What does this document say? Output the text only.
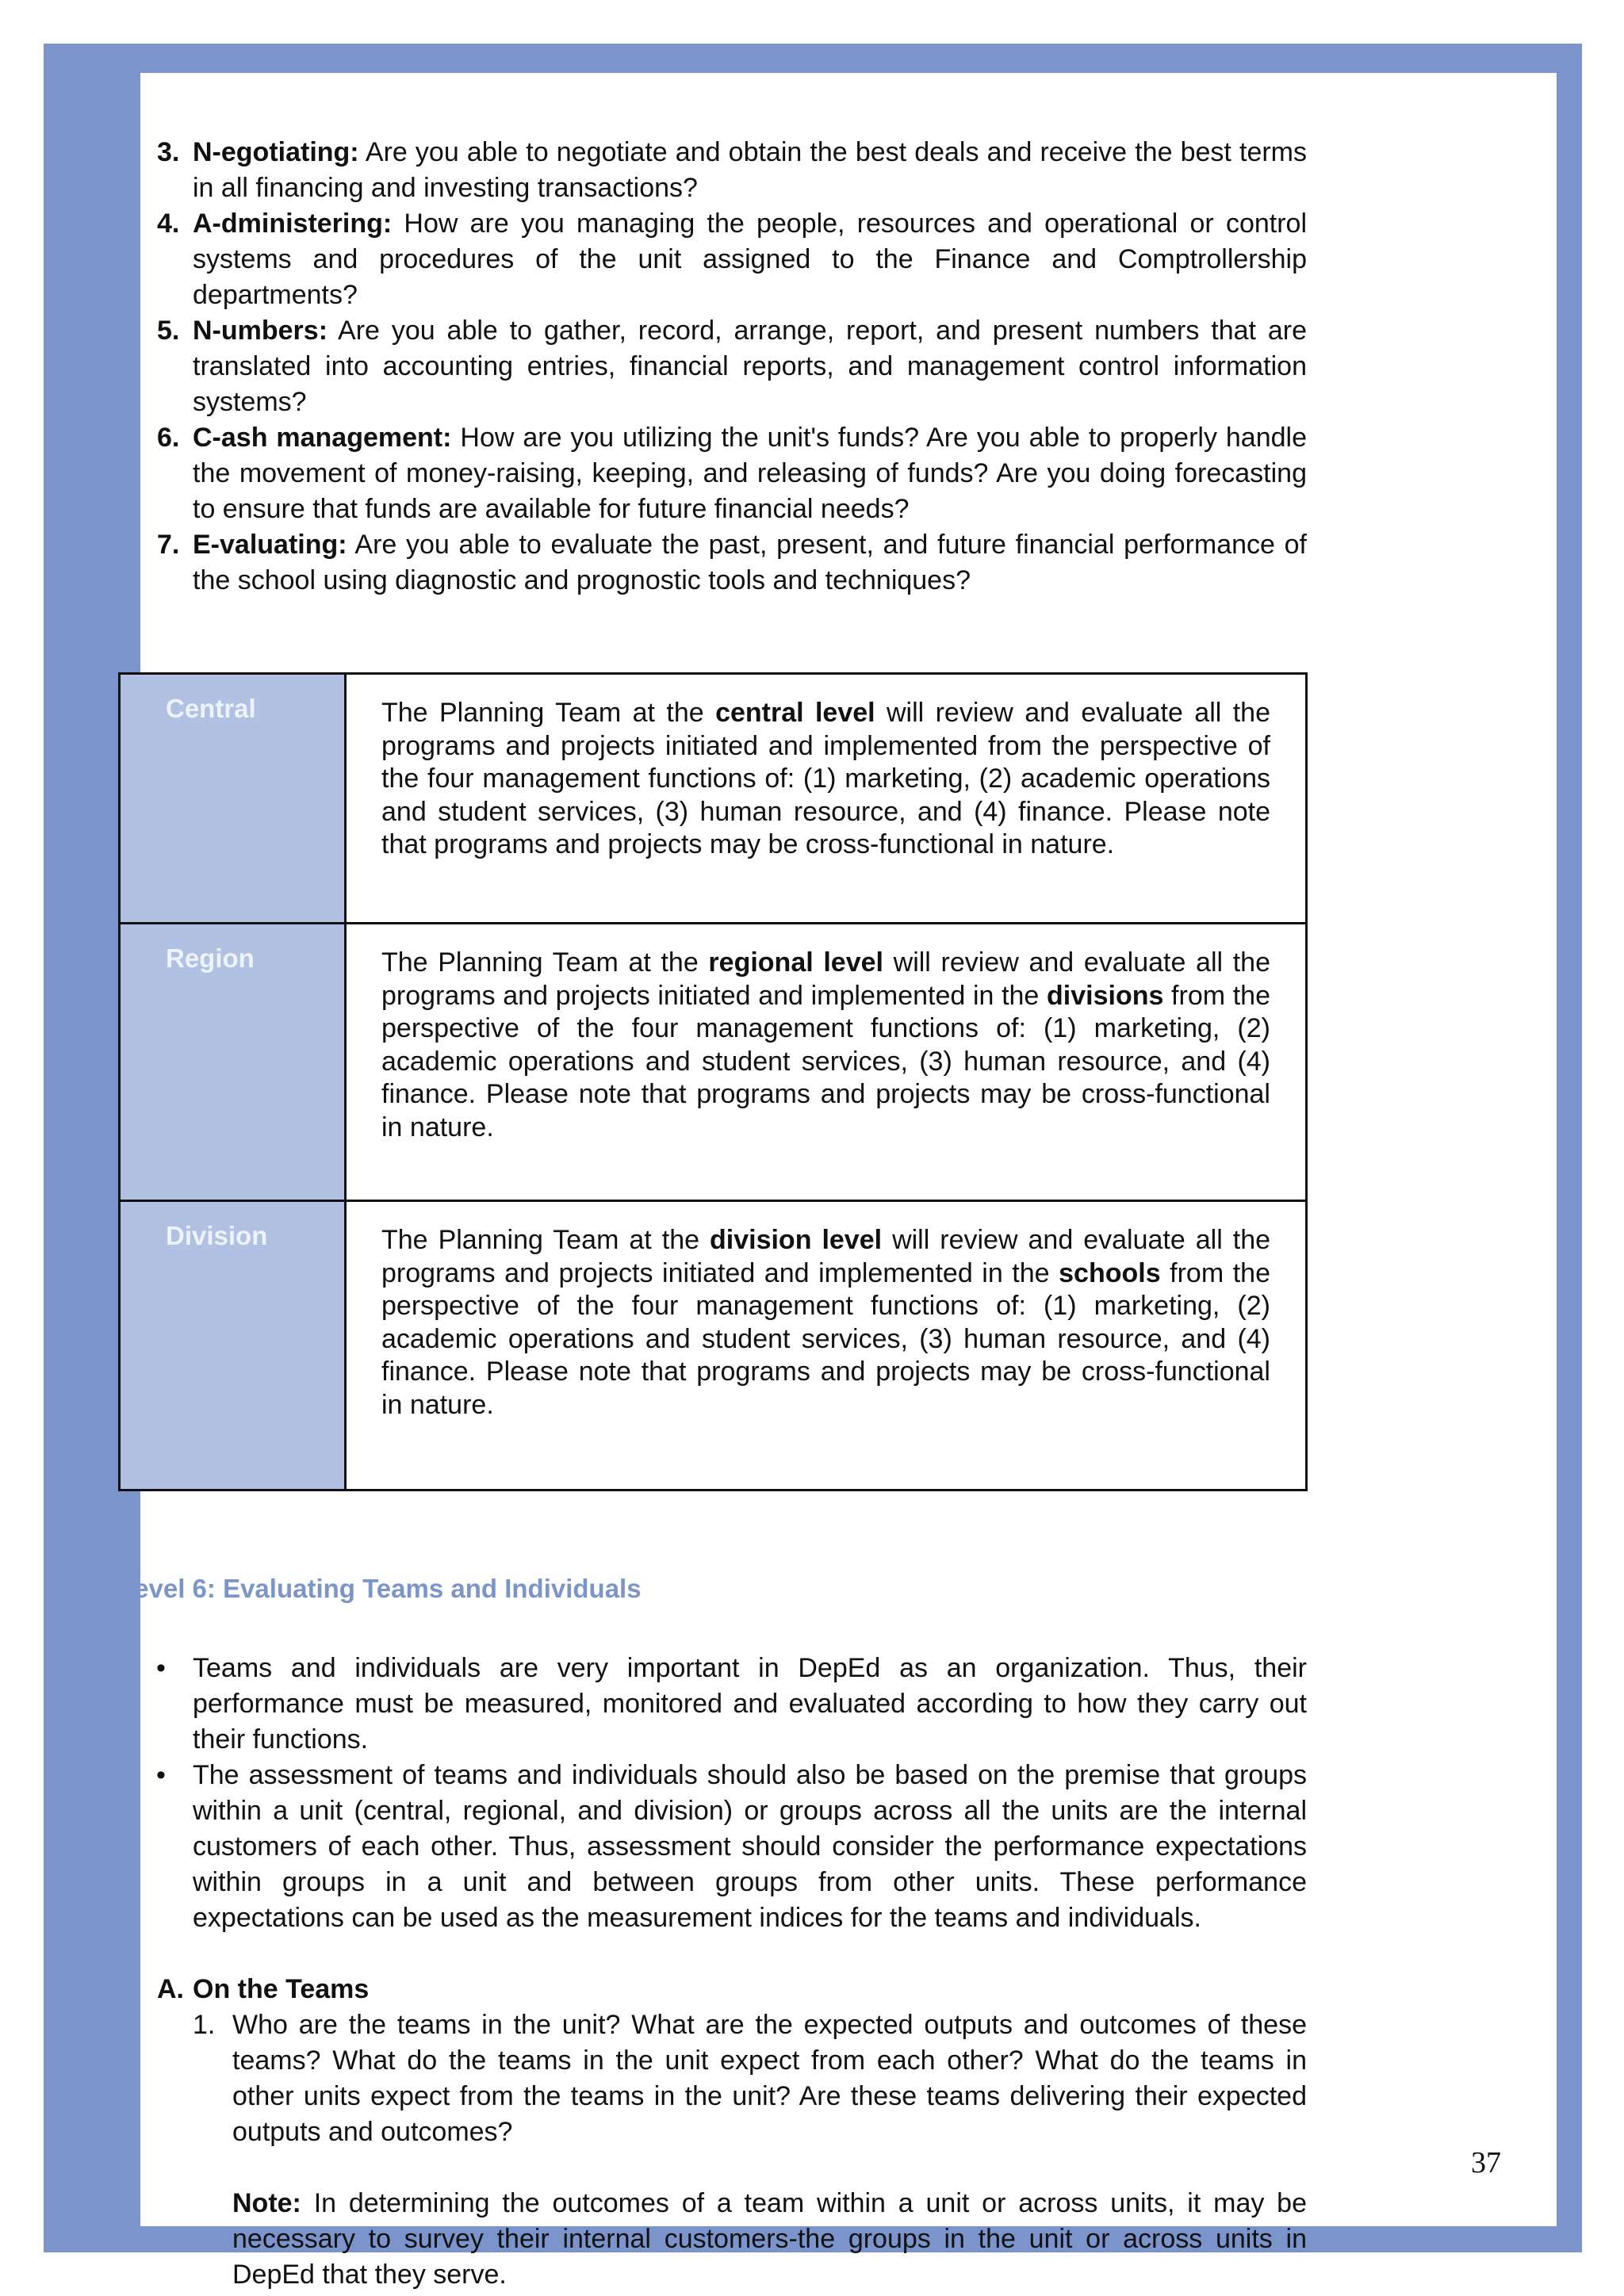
3. N-egotiating: Are you able to negotiate and obtain the best deals and receive the best terms in all financing and investing transactions?
4. A-dministering: How are you managing the people, resources and operational or control systems and procedures of the unit assigned to the Finance and Comptrollership departments?
5. N-umbers: Are you able to gather, record, arrange, report, and present numbers that are translated into accounting entries, financial reports, and management control information systems?
6. C-ash management: How are you utilizing the unit's funds? Are you able to properly handle the movement of money-raising, keeping, and releasing of funds? Are you doing forecasting to ensure that funds are available for future financial needs?
7. E-valuating: Are you able to evaluate the past, present, and future financial performance of the school using diagnostic and prognostic tools and techniques?
Central	The Planning Team at the central level will review and evaluate all the programs and projects initiated and implemented from the perspective of the four management functions of: (1) marketing, (2) academic operations and student services, (3) human resource, and (4) finance. Please note that programs and projects may be cross-functional in nature.
Region	The Planning Team at the regional level will review and evaluate all the programs and projects initiated and implemented in the divisions from the perspective of the four management functions of: (1) marketing, (2) academic operations and student services, (3) human resource, and (4) finance. Please note that programs and projects may be cross-functional in nature.
Division	The Planning Team at the division level will review and evaluate all the programs and projects initiated and implemented in the schools from the perspective of the four management functions of: (1) marketing, (2) academic operations and student services, (3) human resource, and (4) finance. Please note that programs and projects may be cross-functional in nature.
Level 6: Evaluating Teams and Individuals
• Teams and individuals are very important in DepEd as an organization. Thus, their performance must be measured, monitored and evaluated according to how they carry out their functions.
• The assessment of teams and individuals should also be based on the premise that groups within a unit (central, regional, and division) or groups across all the units are the internal customers of each other. Thus, assessment should consider the performance expectations within groups in a unit and between groups from other units. These performance expectations can be used as the measurement indices for the teams and individuals.
A. On the Teams
1. Who are the teams in the unit? What are the expected outputs and outcomes of these teams? What do the teams in the unit expect from each other? What do the teams in other units expect from the teams in the unit? Are these teams delivering their expected outputs and outcomes?
Note: In determining the outcomes of a team within a unit or across units, it may be necessary to survey their internal customers-the groups in the unit or across units in DepEd that they serve.
37
